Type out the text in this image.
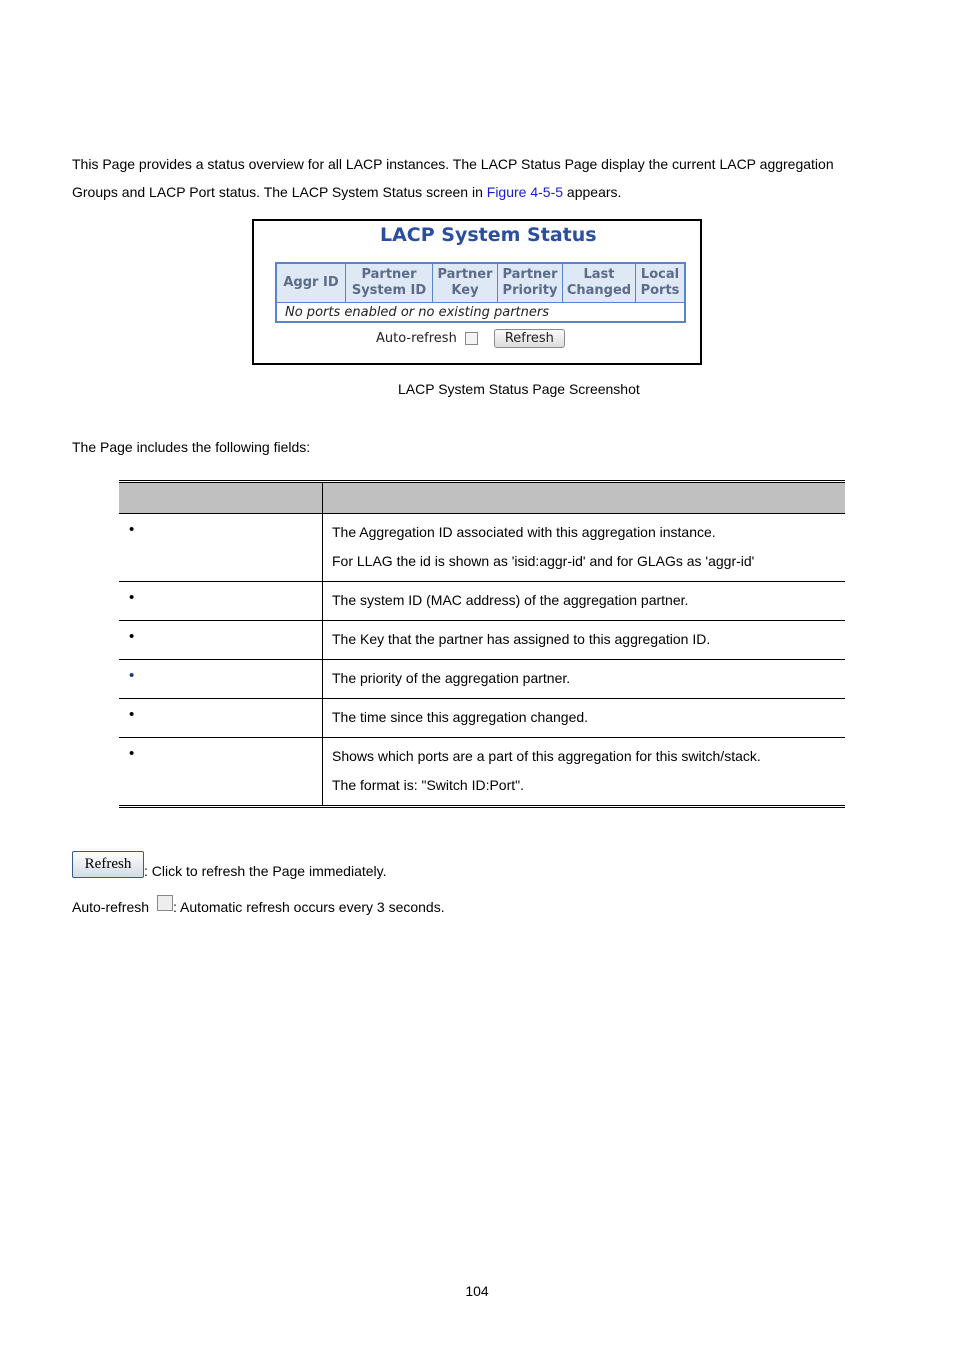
This Page provides a status overview for all LACP instances. The LACP Status Page display the current LACP aggregation Groups and LACP Port status. The LACP System Status screen in Figure 4-5-5 appears.

LACP System Status
Aggr ID	Partner System ID	Partner Key	Partner Priority	Last Changed	Local Ports
No ports enabled or no existing partners
Auto-refresh	Refresh
LACP System Status Page Screenshot
The Page includes the following fields:

•	The Aggregation ID associated with this aggregation instance.

For LLAG the id is shown as 'isid:aggr-id' and for GLAGs as 'aggr-id'

•	The system ID (MAC address) of the aggregation partner.

•	The Key that the partner has assigned to this aggregation ID.

•	The priority of the aggregation partner.

•	The time since this aggregation changed.

•	Shows which ports are a part of this aggregation for this switch/stack.

The format is: "Switch ID:Port".

Refresh : Click to refresh the Page immediately.
Auto-refresh : Automatic refresh occurs every 3 seconds.
104
